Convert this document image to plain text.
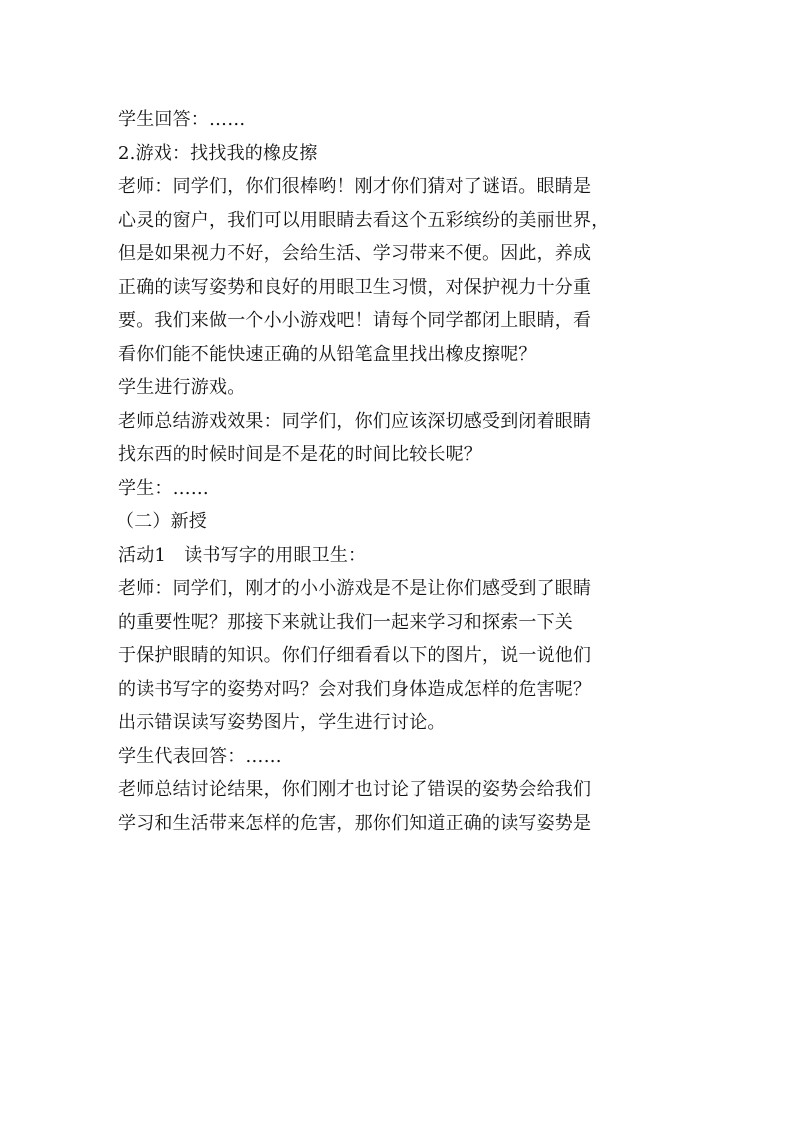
学生回答：……
2.游戏：找找我的橡皮擦
老师：同学们，你们很棒哟！刚才你们猜对了谜语。眼睛是
心灵的窗户，我们可以用眼睛去看这个五彩缤纷的美丽世界，
但是如果视力不好，会给生活、学习带来不便。因此，养成
正确的读写姿势和良好的用眼卫生习惯，对保护视力十分重
要。我们来做一个小小游戏吧！请每个同学都闭上眼睛，看
看你们能不能快速正确的从铅笔盒里找出橡皮擦呢？
学生进行游戏。
老师总结游戏效果：同学们，你们应该深切感受到闭着眼睛
找东西的时候时间是不是花的时间比较长呢？
学生：……
（二）新授
活动1　读书写字的用眼卫生：
老师：同学们，刚才的小小游戏是不是让你们感受到了眼睛
的重要性呢？那接下来就让我们一起来学习和探索一下关
于保护眼睛的知识。你们仔细看看以下的图片，说一说他们
的读书写字的姿势对吗？会对我们身体造成怎样的危害呢？
出示错误读写姿势图片，学生进行讨论。
学生代表回答：……
老师总结讨论结果，你们刚才也讨论了错误的姿势会给我们
学习和生活带来怎样的危害，那你们知道正确的读写姿势是
